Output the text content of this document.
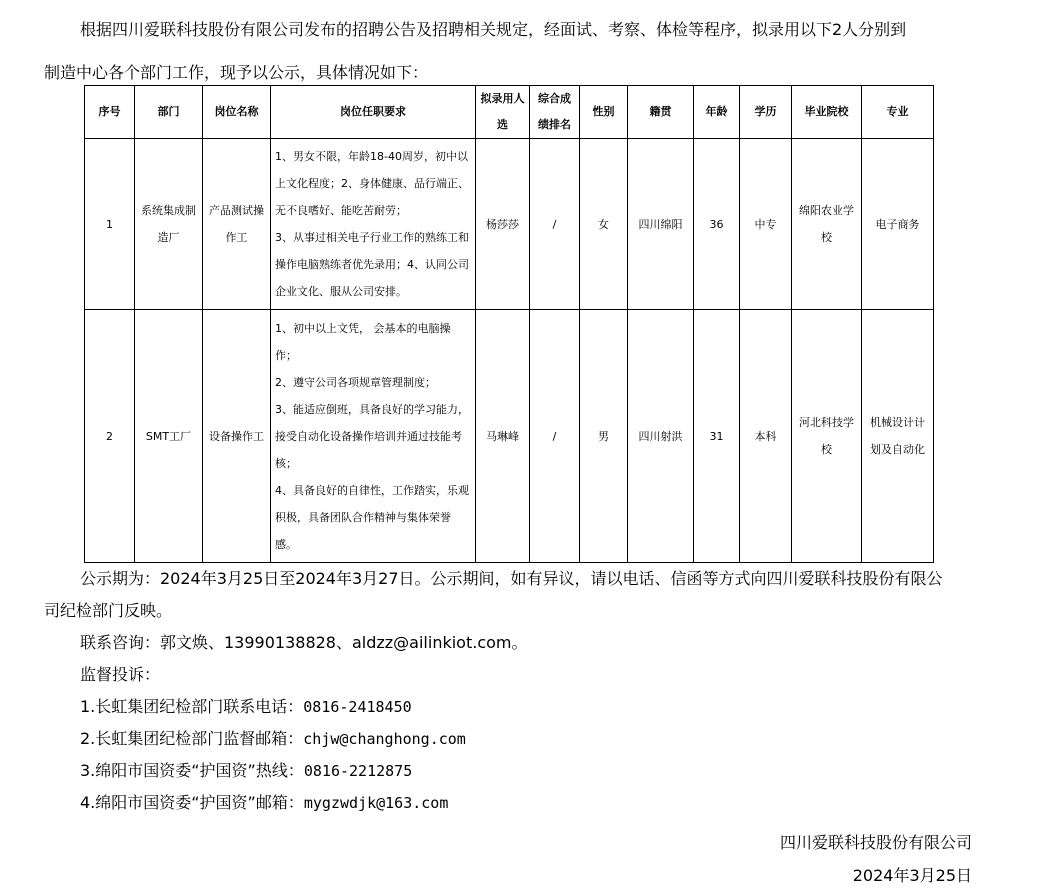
根据四川爱联科技股份有限公司发布的招聘公告及招聘相关规定，经面试、考察、体检等程序，拟录用以下2人分别到
制造中心各个部门工作，现予以公示，具体情况如下：
序号	部门	岗位名称	岗位任职要求	拟录用人选	综合成绩排名	性别	籍贯	年龄	学历	毕业院校	专业
1	系统集成制造厂	产品测试操作工	1、男女不限，年龄18-40周岁，初中以上文化程度；2、身体健康、品行端正、无不良嗜好、能吃苦耐劳；
3、从事过相关电子行业工作的熟练工和操作电脑熟练者优先录用；4、认同公司企业文化、服从公司安排。	杨莎莎	/	女	四川绵阳	36	中专	绵阳农业学校	电子商务
2	SMT工厂	设备操作工	1、初中以上文凭， 会基本的电脑操作；
2、遵守公司各项规章管理制度；
3、能适应倒班，具备良好的学习能力，接受自动化设备操作培训并通过技能考核；
4、具备良好的自律性，工作踏实，乐观积极，具备团队合作精神与集体荣誉感。	马琳峰	/	男	四川射洪	31	本科	河北科技学校	机械设计计划及自动化

公示期为：2024年3月25日至2024年3月27日。公示期间，如有异议，请以电话、信函等方式向四川爱联科技股份有限公

司纪检部门反映。

联系咨询：郭文焕、13990138828、aldzz@ailinkiot.com。

监督投诉：

1.长虹集团纪检部门联系电话：0816-2418450

2.长虹集团纪检部门监督邮箱：chjw@changhong.com

3.绵阳市国资委“护国资”热线：0816-2212875

4.绵阳市国资委“护国资”邮箱：mygzwdjk@163.com

四川爱联科技股份有限公司

2024年3月25日
